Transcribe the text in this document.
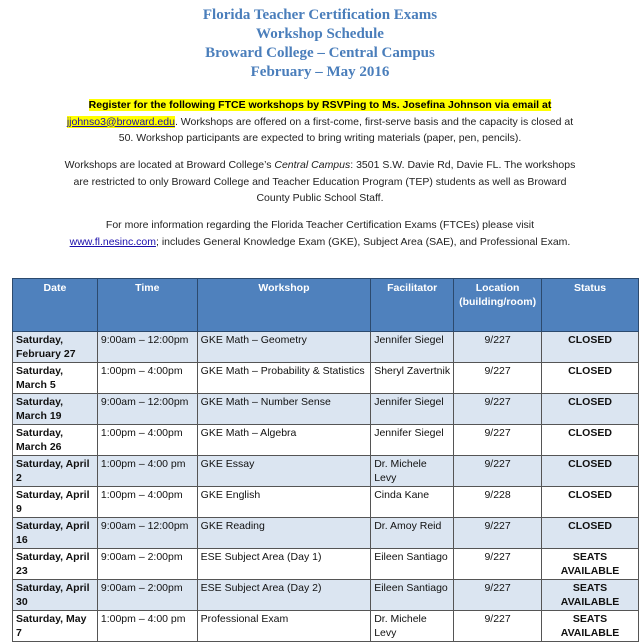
Florida Teacher Certification Exams
Workshop Schedule
Broward College – Central Campus
February – May 2016
Register for the following FTCE workshops by RSVPing to Ms. Josefina Johnson via email at jjohnso3@broward.edu. Workshops are offered on a first-come, first-serve basis and the capacity is closed at 50. Workshop participants are expected to bring writing materials (paper, pen, pencils).
Workshops are located at Broward College’s Central Campus: 3501 S.W. Davie Rd, Davie FL. The workshops are restricted to only Broward College and Teacher Education Program (TEP) students as well as Broward County Public School Staff.
For more information regarding the Florida Teacher Certification Exams (FTCEs) please visit www.fl.nesinc.com; includes General Knowledge Exam (GKE), Subject Area (SAE), and Professional Exam.
Date	Time	Workshop	Facilitator	Location (building/room)	Status
Saturday, February 27	9:00am – 12:00pm	GKE Math – Geometry	Jennifer Siegel	9/227	CLOSED
Saturday, March 5	1:00pm – 4:00pm	GKE Math – Probability & Statistics	Sheryl Zavertnik	9/227	CLOSED
Saturday, March 19	9:00am – 12:00pm	GKE Math – Number Sense	Jennifer Siegel	9/227	CLOSED
Saturday, March 26	1:00pm – 4:00pm	GKE Math – Algebra	Jennifer Siegel	9/227	CLOSED
Saturday, April 2	1:00pm – 4:00 pm	GKE Essay	Dr. Michele Levy	9/227	CLOSED
Saturday, April 9	1:00pm – 4:00pm	GKE English	Cinda Kane	9/228	CLOSED
Saturday, April 16	9:00am – 12:00pm	GKE Reading	Dr. Amoy Reid	9/227	CLOSED
Saturday, April 23	9:00am – 2:00pm	ESE Subject Area (Day 1)	Eileen Santiago	9/227	SEATS AVAILABLE
Saturday, April 30	9:00am – 2:00pm	ESE Subject Area (Day 2)	Eileen Santiago	9/227	SEATS AVAILABLE
Saturday, May 7	1:00pm – 4:00 pm	Professional Exam	Dr. Michele Levy	9/227	SEATS AVAILABLE
